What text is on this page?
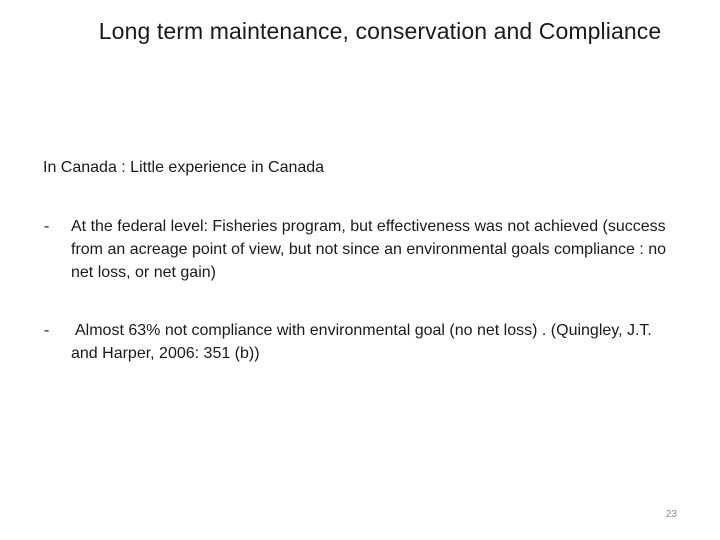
Long term maintenance, conservation and Compliance
In Canada : Little experience in Canada
- At the federal level: Fisheries program, but effectiveness was not achieved (success from an acreage point of view, but not since an environmental goals compliance : no net loss, or net gain)
- Almost 63% not compliance with environmental goal (no net loss) . (Quingley, J.T. and Harper, 2006: 351 (b))
23
